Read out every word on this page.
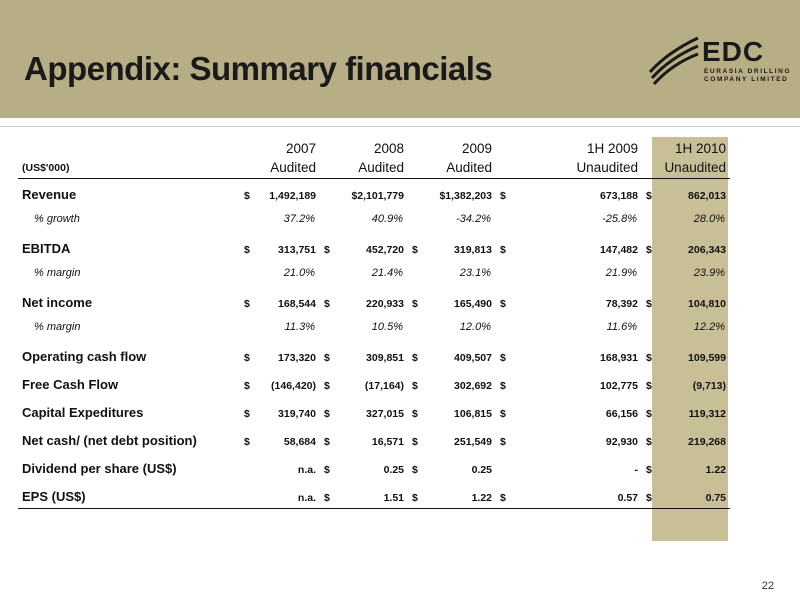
Appendix: Summary financials	EDC
EURASIA DRILLING
COMPANY LIMITED
	2007	2008	2009	1H 2009	1H 2010
(US$'000)	Audited	Audited	Audited	Unaudited	Unaudited
Revenue	$ 1,492,189	$2,101,779	$1,382,203	$ 673,188	$ 862,013
% growth	37.2%	40.9%	-34.2%	-25.8%	28.0%
EBITDA	$ 313,751	$ 452,720	$ 319,813	$ 147,482	$ 206,343
% margin	21.0%	21.4%	23.1%	21.9%	23.9%
Net income	$ 168,544	$ 220,933	$ 165,490	$ 78,392	$ 104,810
% margin	11.3%	10.5%	12.0%	11.6%	12.2%
Operating cash flow	$ 173,320	$ 309,851	$ 409,507	$ 168,931	$ 109,599
Free Cash Flow	$ (146,420)	$ (17,164)	$ 302,692	$ 102,775	$ (9,713)
Capital Expeditures	$ 319,740	$ 327,015	$ 106,815	$ 66,156	$ 119,312
Net cash/ (net debt position)	$ 58,684	$ 16,571	$ 251,549	$ 92,930	$ 219,268
Dividend per share (US$)	n.a.	$ 0.25	$ 0.25	-	$ 1.22
EPS (US$)	n.a.	$ 1.51	$ 1.22	$ 0.57	$ 0.75
22
